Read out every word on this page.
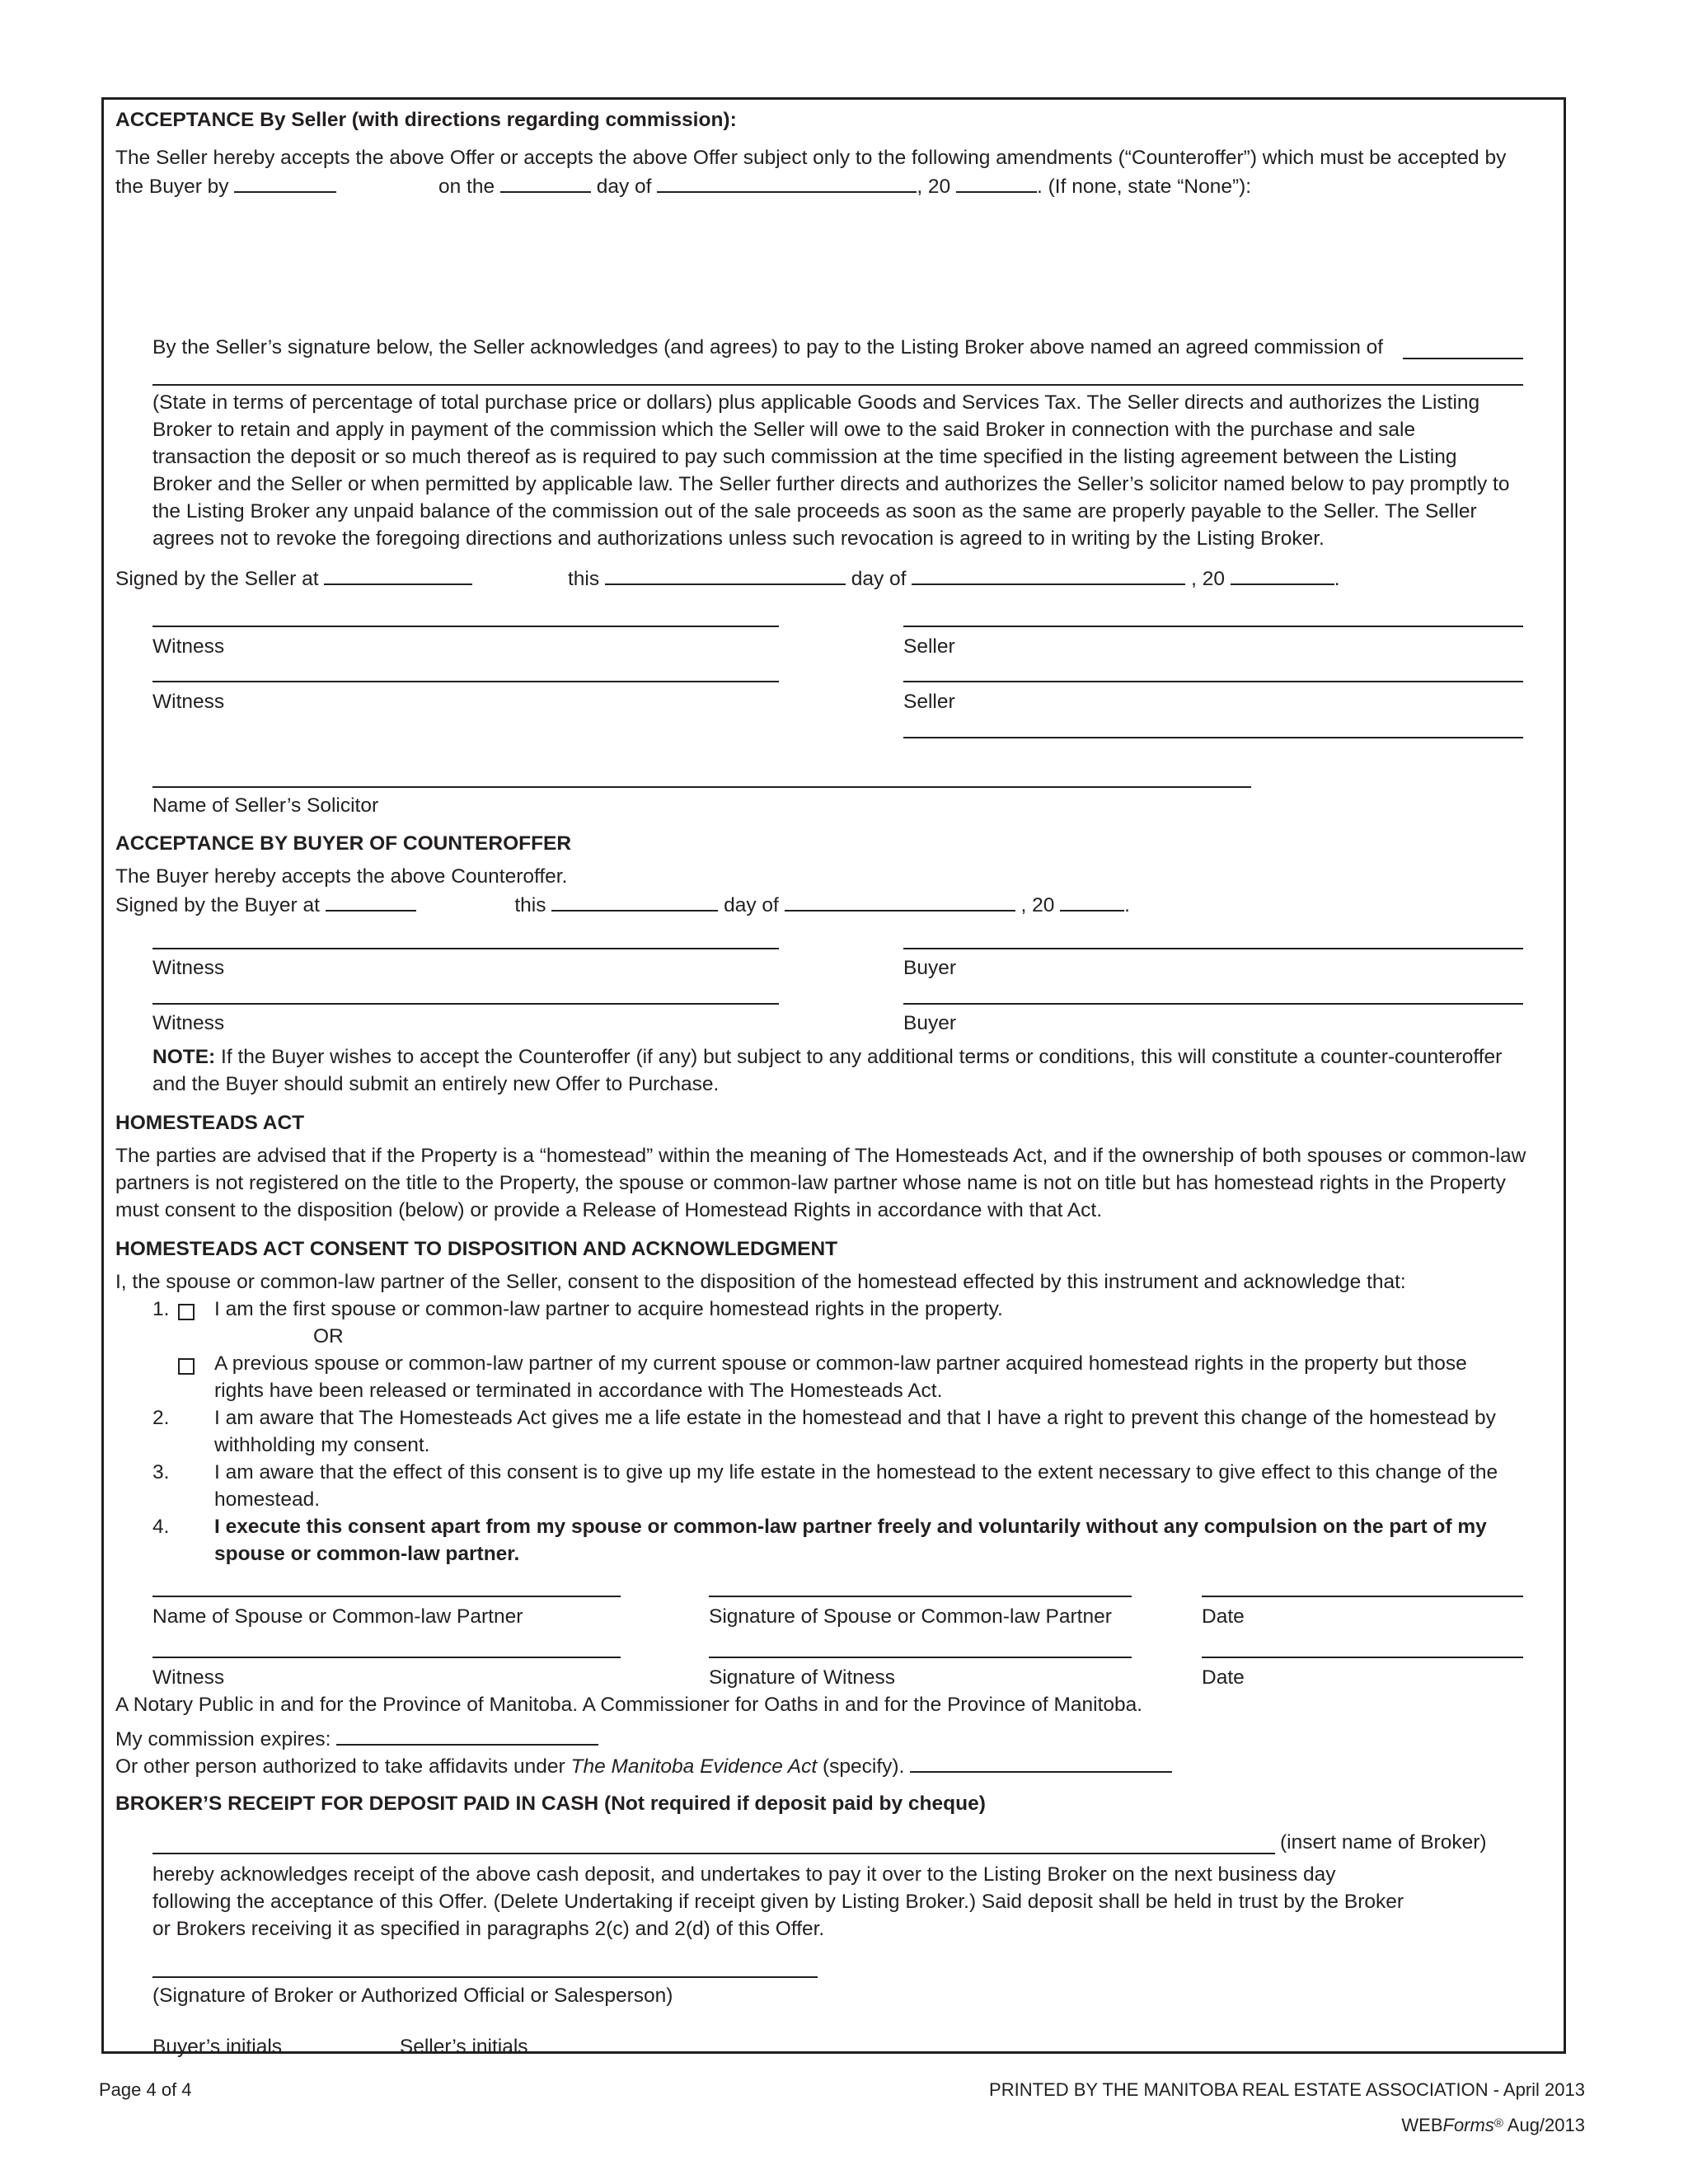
ACCEPTANCE By Seller (with directions regarding commission):
The Seller hereby accepts the above Offer or accepts the above Offer subject only to the following amendments (“Counteroffer”) which must be accepted by
the Buyer by	on the	day of	, 20	. (If none, state “None”):
By the Seller’s signature below, the Seller acknowledges (and agrees) to pay to the Listing Broker above named an agreed commission of
(State in terms of percentage of total purchase price or dollars) plus applicable Goods and Services Tax. The Seller directs and authorizes the Listing
Broker to retain and apply in payment of the commission which the Seller will owe to the said Broker in connection with the purchase and sale
transaction the deposit or so much thereof as is required to pay such commission at the time specified in the listing agreement between the Listing
Broker and the Seller or when permitted by applicable law. The Seller further directs and authorizes the Seller’s solicitor named below to pay promptly to
the Listing Broker any unpaid balance of the commission out of the sale proceeds as soon as the same are properly payable to the Seller. The Seller
agrees not to revoke the foregoing directions and authorizations unless such revocation is agreed to in writing by the Listing Broker.
Signed by the Seller at	this	day of	, 20	.
Witness	Seller
Witness	Seller
Name of Seller’s Solicitor
ACCEPTANCE BY BUYER OF COUNTEROFFER
The Buyer hereby accepts the above Counteroffer.
Signed by the Buyer at	this	day of	, 20	.
Witness	Buyer
Witness	Buyer
NOTE: If the Buyer wishes to accept the Counteroffer (if any) but subject to any additional terms or conditions, this will constitute a counter-counteroffer
and the Buyer should submit an entirely new Offer to Purchase.
HOMESTEADS ACT
The parties are advised that if the Property is a “homestead” within the meaning of The Homesteads Act, and if the ownership of both spouses or common-law
partners is not registered on the title to the Property, the spouse or common-law partner whose name is not on title but has homestead rights in the Property
must consent to the disposition (below) or provide a Release of Homestead Rights in accordance with that Act.
HOMESTEADS ACT CONSENT TO DISPOSITION AND ACKNOWLEDGMENT
I, the spouse or common-law partner of the Seller, consent to the disposition of the homestead effected by this instrument and acknowledge that:
1. I am the first spouse or common-law partner to acquire homestead rights in the property.
OR
A previous spouse or common-law partner of my current spouse or common-law partner acquired homestead rights in the property but those
rights have been released or terminated in accordance with The Homesteads Act.
2. I am aware that The Homesteads Act gives me a life estate in the homestead and that I have a right to prevent this change of the homestead by
withholding my consent.
3. I am aware that the effect of this consent is to give up my life estate in the homestead to the extent necessary to give effect to this change of the
homestead.
4. I execute this consent apart from my spouse or common-law partner freely and voluntarily without any compulsion on the part of my
spouse or common-law partner.
Name of Spouse or Common-law Partner	Signature of Spouse or Common-law Partner	Date
Witness	Signature of Witness	Date
A Notary Public in and for the Province of Manitoba. A Commissioner for Oaths in and for the Province of Manitoba.
My commission expires:
Or other person authorized to take affidavits under The Manitoba Evidence Act (specify).
BROKER’S RECEIPT FOR DEPOSIT PAID IN CASH (Not required if deposit paid by cheque)
(insert name of Broker)
hereby acknowledges receipt of the above cash deposit, and undertakes to pay it over to the Listing Broker on the next business day
following the acceptance of this Offer. (Delete Undertaking if receipt given by Listing Broker.) Said deposit shall be held in trust by the Broker
or Brokers receiving it as specified in paragraphs 2(c) and 2(d) of this Offer.
(Signature of Broker or Authorized Official or Salesperson)
Buyer’s initials	Seller’s initials
Page 4 of 4	PRINTED BY THE MANITOBA REAL ESTATE ASSOCIATION - April 2013
WEBForms® Aug/2013
